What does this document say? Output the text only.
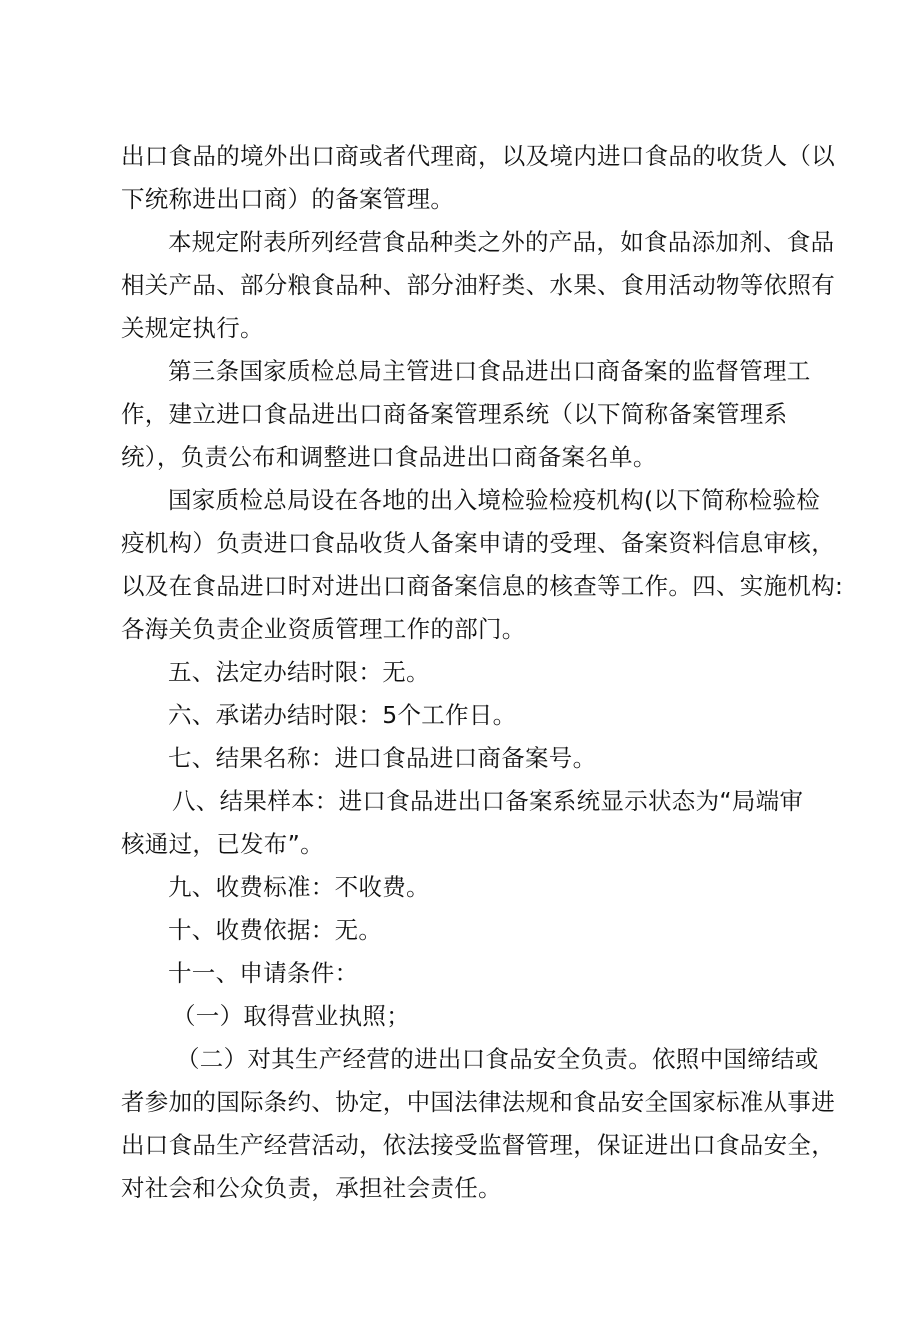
出口食品的境外出口商或者代理商，以及境内进口食品的收货人（以
下统称进出口商）的备案管理。
本规定附表所列经营食品种类之外的产品，如食品添加剂、食品
相关产品、部分粮食品种、部分油籽类、水果、食用活动物等依照有
关规定执行。
第三条国家质检总局主管进口食品进出口商备案的监督管理工
作，建立进口食品进出口商备案管理系统（以下简称备案管理系
统），负责公布和调整进口食品进出口商备案名单。
国家质检总局设在各地的出入境检验检疫机构(以下简称检验检
疫机构）负责进口食品收货人备案申请的受理、备案资料信息审核，
以及在食品进口时对进出口商备案信息的核查等工作。四、实施机构:
各海关负责企业资质管理工作的部门。
五、法定办结时限：无。
六、承诺办结时限：5个工作日。
七、结果名称：进口食品进口商备案号。
八、结果样本：进口食品进出口备案系统显示状态为“局端审
核通过，已发布”。
九、收费标准：不收费。
十、收费依据：无。
十一、申请条件：
（一）取得营业执照；
（二）对其生产经营的进出口食品安全负责。依照中国缔结或
者参加的国际条约、协定，中国法律法规和食品安全国家标准从事进
出口食品生产经营活动，依法接受监督管理，保证进出口食品安全，
对社会和公众负责，承担社会责任。
